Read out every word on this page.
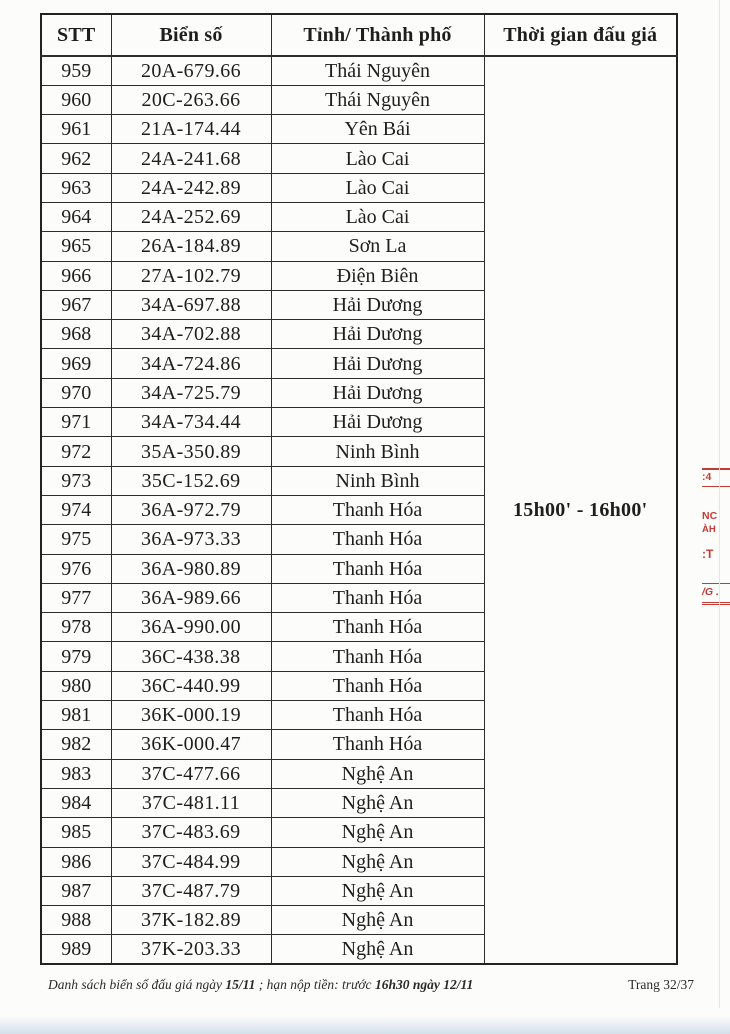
STT	Biển số	Tỉnh/ Thành phố	Thời gian đấu giá
959	20A-679.66	Thái Nguyên	15h00' - 16h00'
960	20C-263.66	Thái Nguyên	
961	21A-174.44	Yên Bái	
962	24A-241.68	Lào Cai	
963	24A-242.89	Lào Cai	
964	24A-252.69	Lào Cai	
965	26A-184.89	Sơn La	
966	27A-102.79	Điện Biên	
967	34A-697.88	Hải Dương	
968	34A-702.88	Hải Dương	
969	34A-724.86	Hải Dương	
970	34A-725.79	Hải Dương	
971	34A-734.44	Hải Dương	
972	35A-350.89	Ninh Bình	
973	35C-152.69	Ninh Bình	
974	36A-972.79	Thanh Hóa	
975	36A-973.33	Thanh Hóa	
976	36A-980.89	Thanh Hóa	
977	36A-989.66	Thanh Hóa	
978	36A-990.00	Thanh Hóa	
979	36C-438.38	Thanh Hóa	
980	36C-440.99	Thanh Hóa	
981	36K-000.19	Thanh Hóa	
982	36K-000.47	Thanh Hóa	
983	37C-477.66	Nghệ An	
984	37C-481.11	Nghệ An	
985	37C-483.69	Nghệ An	
986	37C-484.99	Nghệ An	
987	37C-487.79	Nghệ An	
988	37K-182.89	Nghệ An	
989	37K-203.33	Nghệ An	
:4
NC
ÀH
:T
/G .
Danh sách biển số đấu giá ngày 15/11 ; hạn nộp tiền: trước 16h30 ngày 12/11	Trang 32/37
